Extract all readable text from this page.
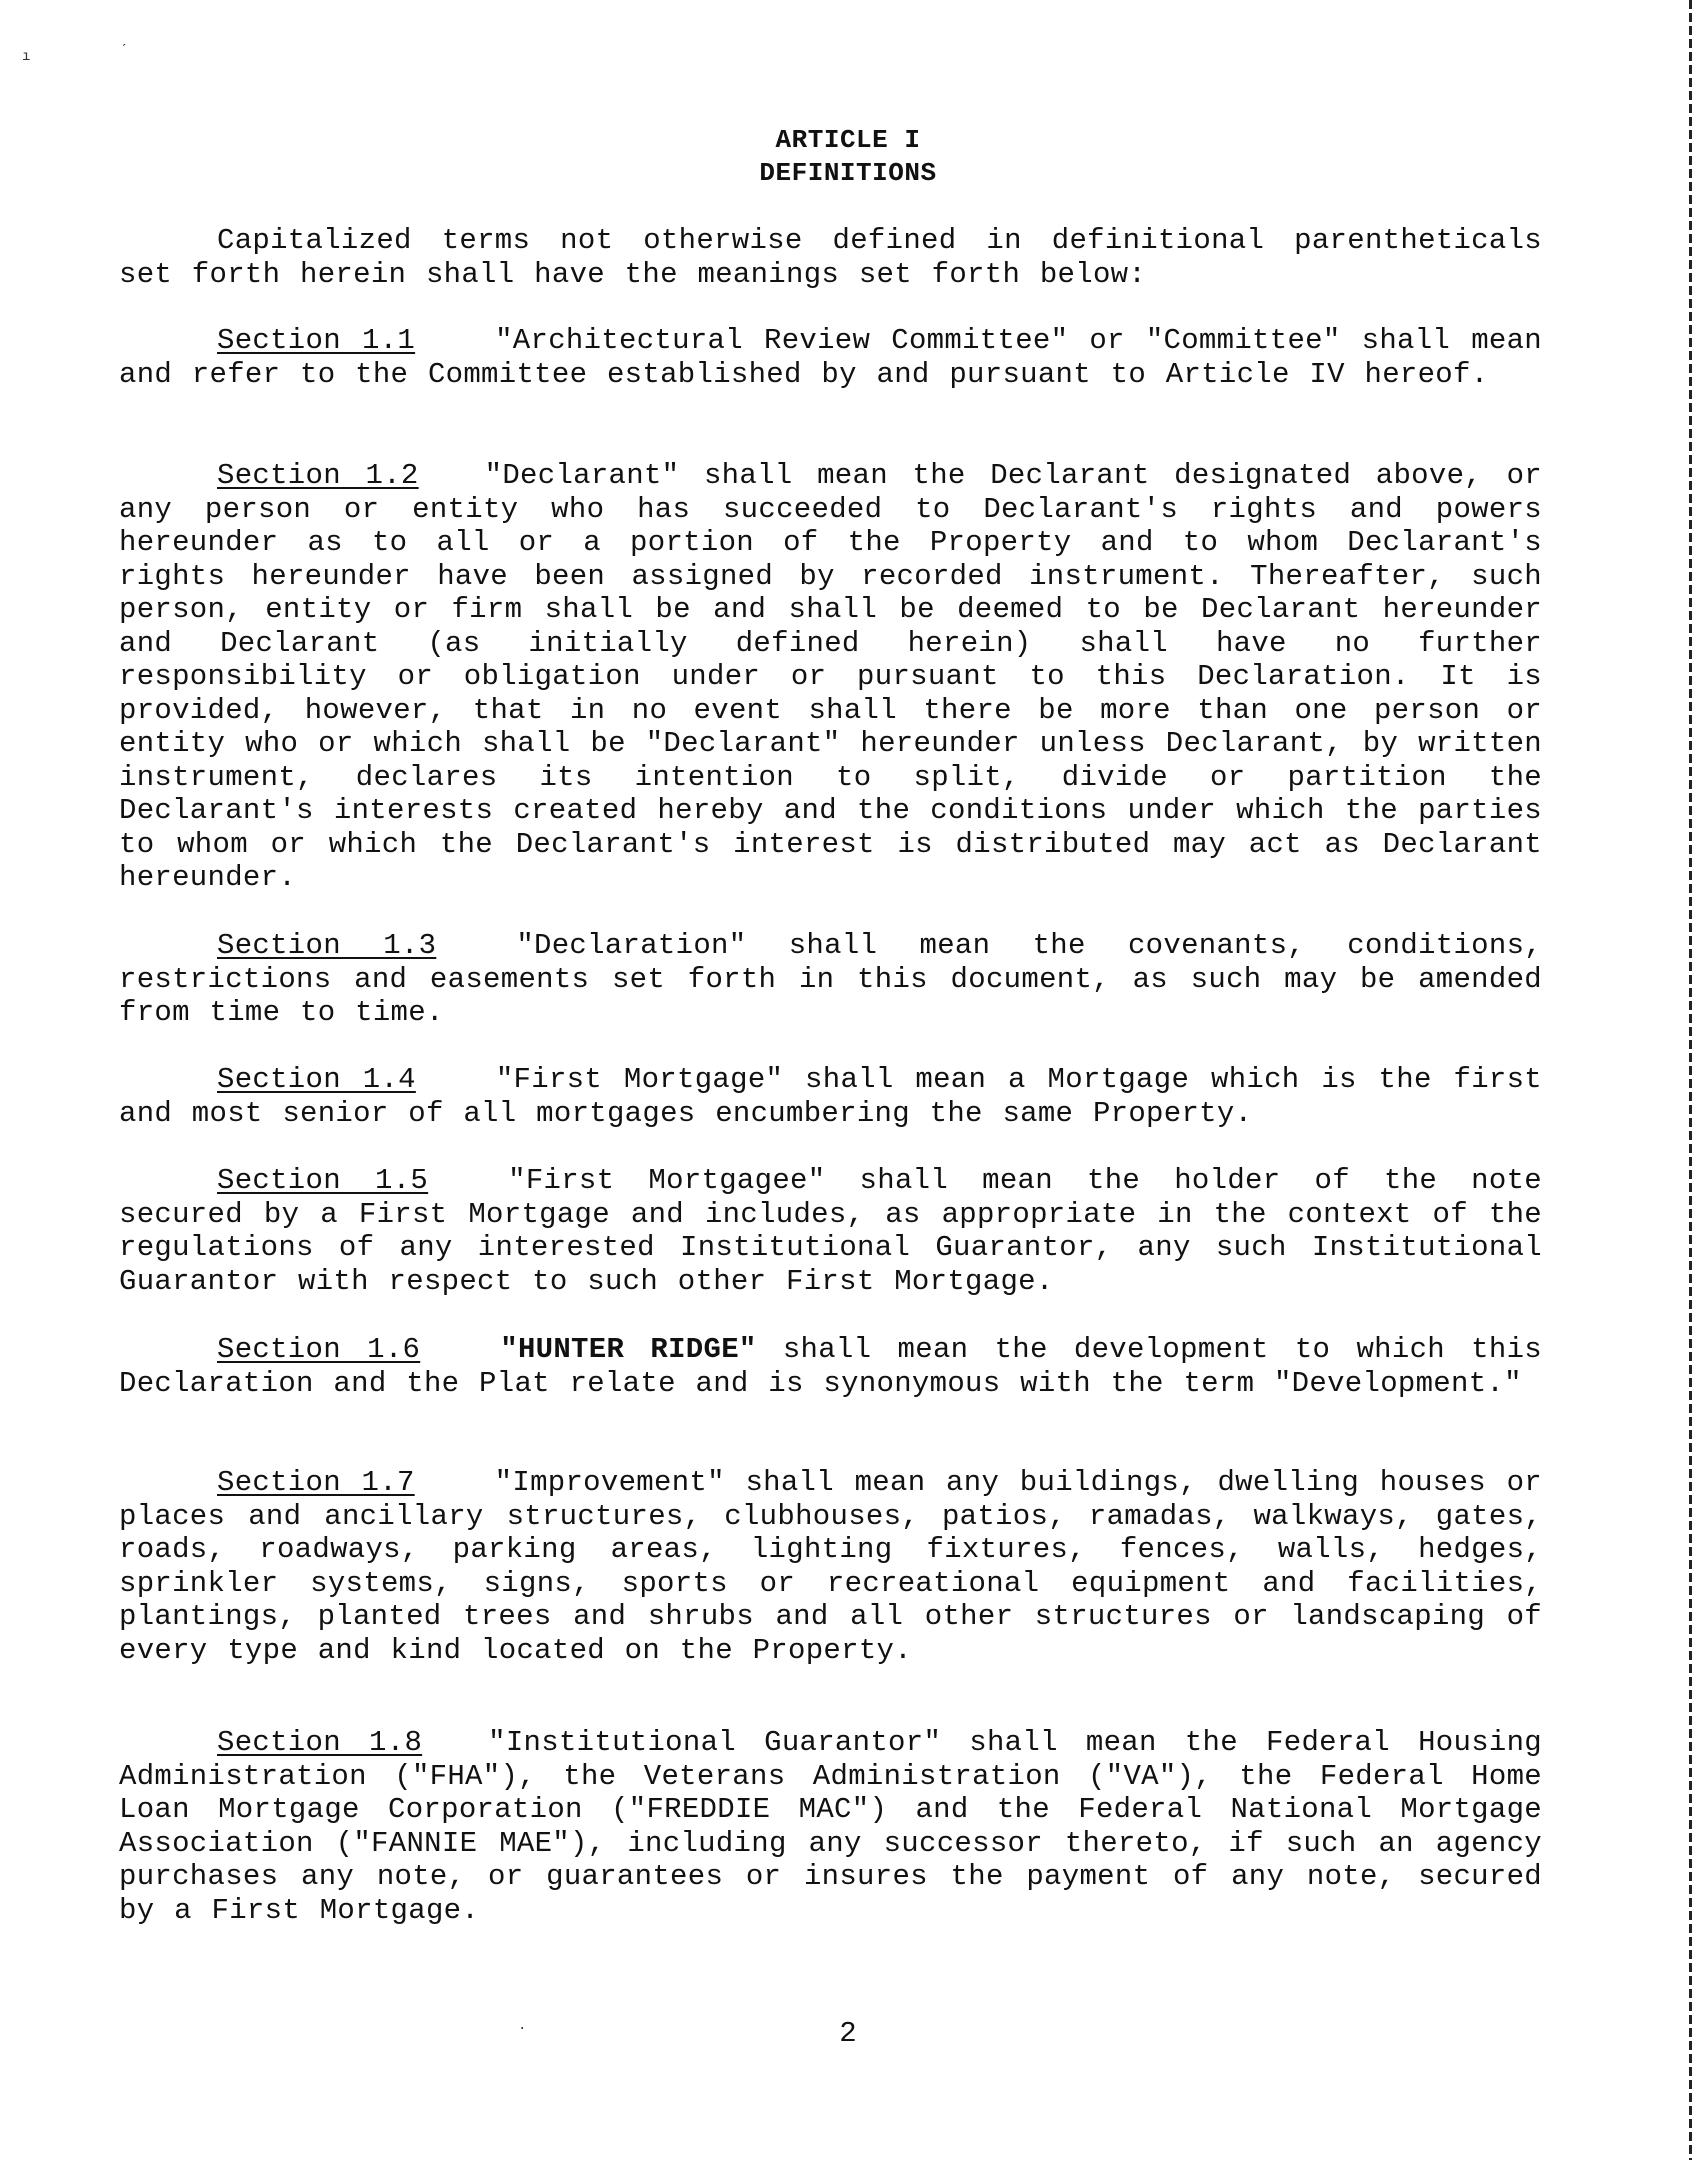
ı	ˊ
·
ARTICLE I
DEFINITIONS

Capitalized terms not otherwise defined in definitional parentheticals set forth herein shall have the meanings set forth below:

Section 1.1	"Architectural Review Committee" or "Committee" shall mean and refer to the Committee established by and pursuant to Article IV hereof.

Section 1.2 "Declarant" shall mean the Declarant designated above, or any person or entity who has succeeded to Declarant's rights and powers hereunder as to all or a portion of the Property and to whom Declarant's rights hereunder have been assigned by recorded instrument. Thereafter, such person, entity or firm shall be and shall be deemed to be Declarant hereunder and Declarant (as initially defined herein) shall have no further responsibility or obligation under or pursuant to this Declaration. It is provided, however, that in no event shall there be more than one person or entity who or which shall be "Declarant" hereunder unless Declarant, by written instrument, declares its intention to split, divide or partition the Declarant's interests created hereby and the conditions under which the parties to whom or which the Declarant's interest is distributed may act as Declarant hereunder.

Section 1.3	"Declaration" shall mean the covenants, conditions, restrictions and easements set forth in this document, as such may be amended from time to time.

Section 1.4	"First Mortgage" shall mean a Mortgage which is the first and most senior of all mortgages encumbering the same Property.

Section 1.5	"First Mortgagee" shall mean the holder of the note secured by a First Mortgage and includes, as appropriate in the context of the regulations of any interested Institutional Guarantor, any such Institutional Guarantor with respect to such other First Mortgage.

Section 1.6	"HUNTER RIDGE" shall mean the development to which this Declaration and the Plat relate and is synonymous with the term "Development."

Section 1.7	"Improvement" shall mean any buildings, dwelling houses or places and ancillary structures, clubhouses, patios, ramadas, walkways, gates, roads, roadways, parking areas, lighting fixtures, fences, walls, hedges, sprinkler systems, signs, sports or recreational equipment and facilities, plantings, planted trees and shrubs and all other structures or landscaping of every type and kind located on the Property.

Section 1.8 "Institutional Guarantor" shall mean the Federal Housing Administration ("FHA"), the Veterans Administration ("VA"), the Federal Home Loan Mortgage Corporation ("FREDDIE MAC") and the Federal National Mortgage Association ("FANNIE MAE"), including any successor thereto, if such an agency purchases any note, or guarantees or insures the payment of any note, secured by a First Mortgage.

2
